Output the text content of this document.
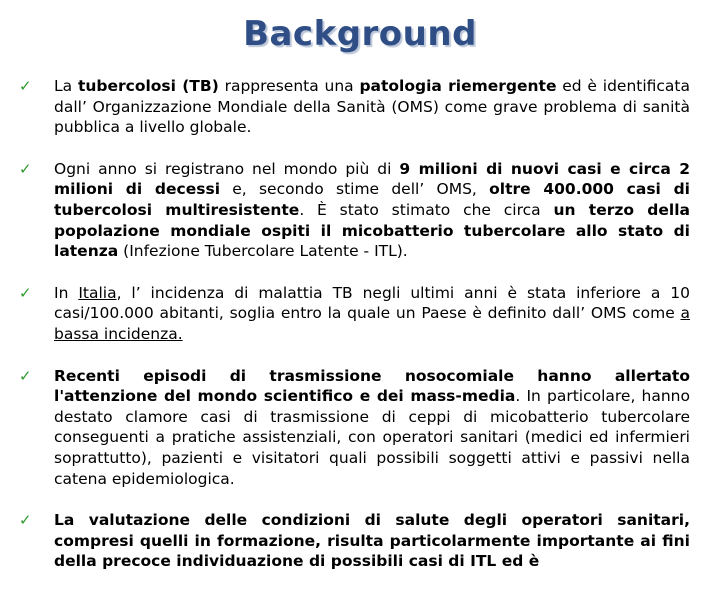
Background
✓ La tubercolosi (TB) rappresenta una patologia riemergente ed è identificata dall’ Organizzazione Mondiale della Sanità (OMS) come grave problema di sanità pubblica a livello globale.
✓ Ogni anno si registrano nel mondo più di 9 milioni di nuovi casi e circa 2 milioni di decessi e, secondo stime dell’ OMS, oltre 400.000 casi di tubercolosi multiresistente. È stato stimato che circa un terzo della popolazione mondiale ospiti il micobatterio tubercolare allo stato di latenza (Infezione Tubercolare Latente - ITL).
✓ In Italia, l’ incidenza di malattia TB negli ultimi anni è stata inferiore a 10 casi/100.000 abitanti, soglia entro la quale un Paese è definito dall’ OMS come a bassa incidenza.
✓ Recenti episodi di trasmissione nosocomiale hanno allertato l'attenzione del mondo scientifico e dei mass-media. In particolare, hanno destato clamore casi di trasmissione di ceppi di micobatterio tubercolare conseguenti a pratiche assistenziali, con operatori sanitari (medici ed infermieri soprattutto), pazienti e visitatori quali possibili soggetti attivi e passivi nella catena epidemiologica.
✓ La valutazione delle condizioni di salute degli operatori sanitari, compresi quelli in formazione, risulta particolarmente importante ai fini della precoce individuazione di possibili casi di ITL ed è
